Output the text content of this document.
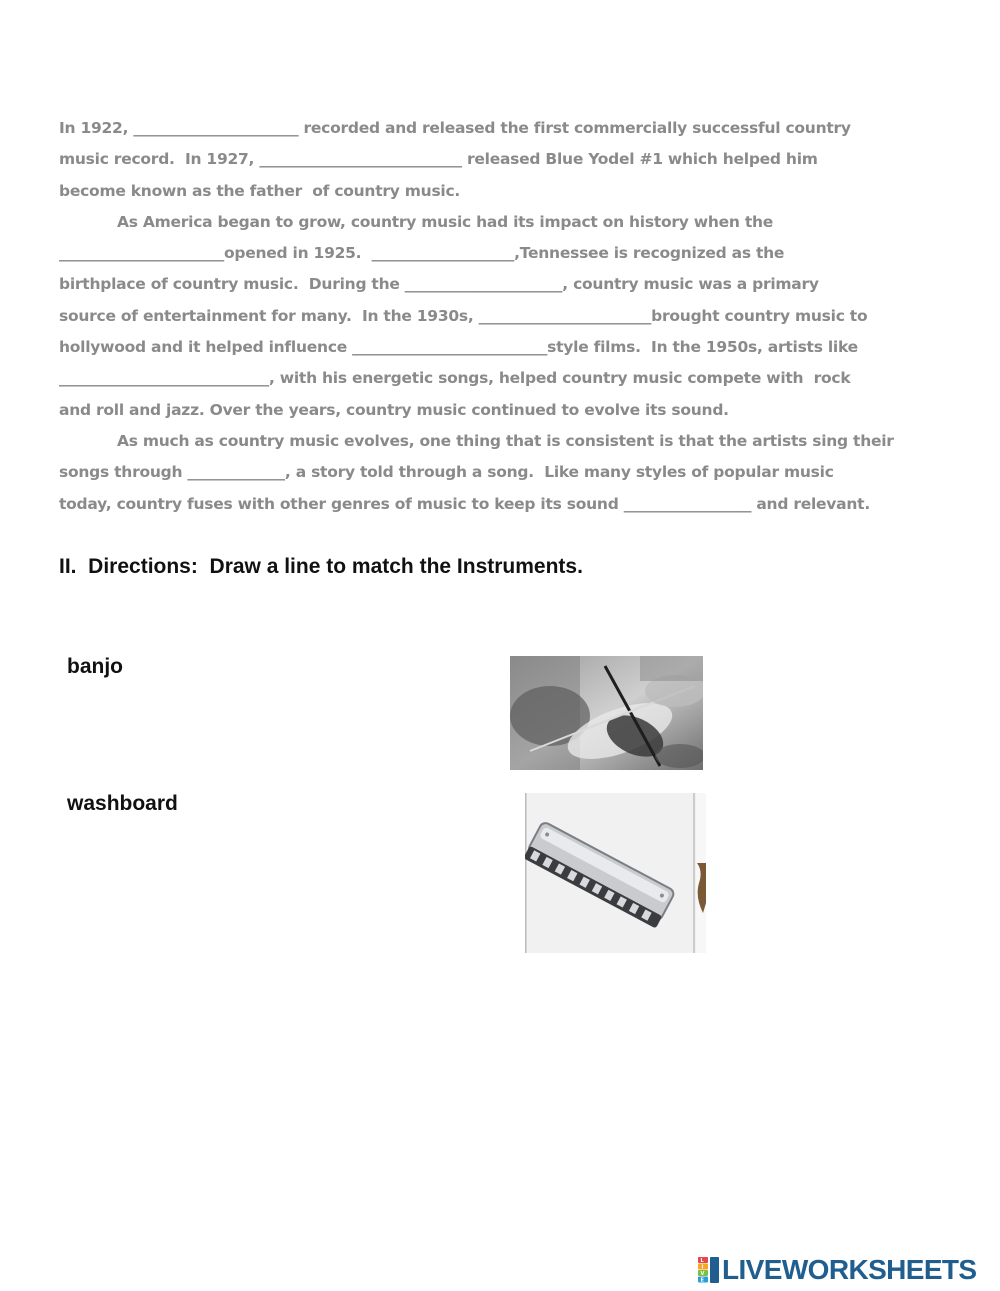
In 1922, ______________________ recorded and released the first commercially successful country
music record.  In 1927, ___________________________ released Blue Yodel #1 which helped him
become known as the father  of country music.
As America began to grow, country music had its impact on history when the
______________________opened in 1925.  ___________________,Tennessee is recognized as the
birthplace of country music.  During the _____________________, country music was a primary
source of entertainment for many.  In the 1930s, _______________________brought country music to
hollywood and it helped influence __________________________style films.  In the 1950s, artists like
____________________________, with his energetic songs, helped country music compete with  rock
and roll and jazz. Over the years, country music continued to evolve its sound.
As much as country music evolves, one thing that is consistent is that the artists sing their
songs through _____________, a story told through a song.  Like many styles of popular music
today, country fuses with other genres of music to keep its sound _________________ and relevant.
II.  Directions:  Draw a line to match the Instruments.
banjo
washboard
L
I
V
E LIVEWORKSHEETS
